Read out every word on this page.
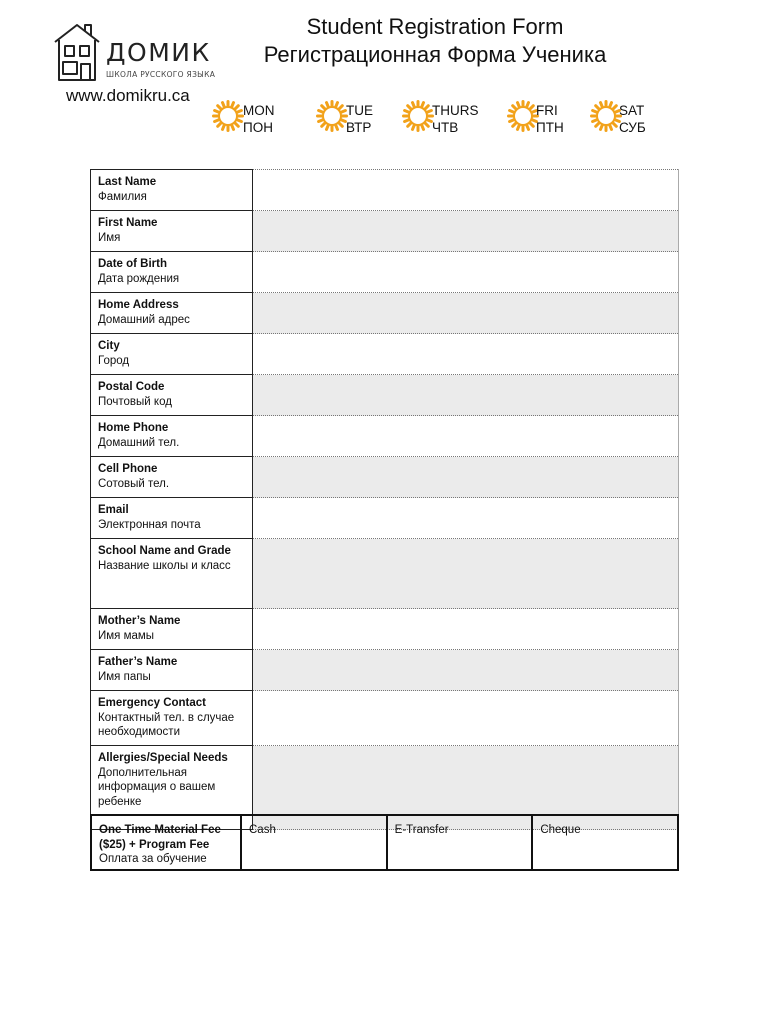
ДОМИК
ШКОЛА РУССКОГО ЯЗЫКА
www.domikru.ca
Student Registration Form
Регистрационная Форма Ученика
MON
ПОН
TUE
ВТР
THURS
ЧТВ
FRI
ПТН
SAT
СУБ
Last Name
Фамилия	

First Name
Имя	

Date of Birth
Дата рождения	

Home Address
Домашний адрес	

City
Город	

Postal Code
Почтовый код	

Home Phone
Домашний тел.	

Cell Phone
Сотовый тел.	

Email
Электронная почта	

School Name and Grade
Название школы и класс	

Mother’s Name
Имя мамы	

Father’s Name
Имя папы	

Emergency Contact
Контактный тел. в случае необходимости	

Allergies/Special Needs
Дополнительная информация о вашем ребенке	

One Time Material Fee ($25) + Program Fee
Оплата за обучение	Cash	E-Transfer	Cheque
